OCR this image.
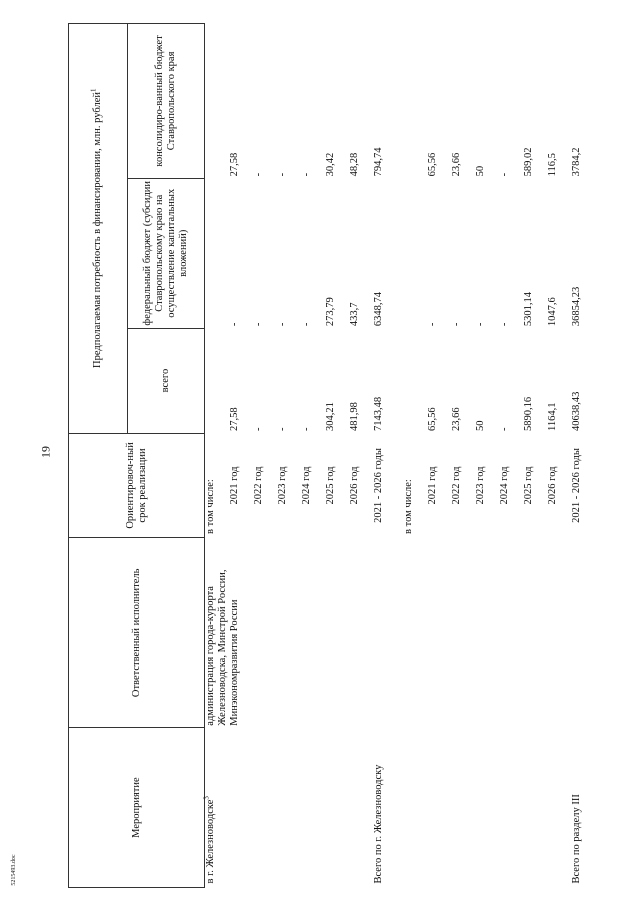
19
Мероприятие	Ответственный исполнитель	Ориентировоч-ный срок реализации	Предполагаемая потребность в финансировании, млн. рублей$^1$
			всего	федеральный бюджет (субсидии Ставропольскому краю на осуществление капитальных вложений)	консолидиро-ванный бюджет Ставропольского края

в г. Железноводске$^3$	администрация города-курорта Железноводска, Минстрой России, Минэкономразвития России	в том числе:			
		2021 год	27,58	-	27,58
		2022 год	-	-	-
		2023 год	-	-	-
		2024 год	-	-	-
		2025 год	304,21	273,79	30,42
		2026 год	481,98	433,7	48,28
Всего по г. Железноводску		2021 - 2026 годы	7143,48	6348,74	794,74
		в том числе:			
		2021 год	65,56	-	65,56
		2022 год	23,66	-	23,66
		2023 год	50	-	50
		2024 год	-	-	-
		2025 год	5890,16	5301,14	589,02
		2026 год	1164,1	1047,6	116,5
Всего по разделу III		2021 - 2026 годы	40638,43	36854,23	3784,2
5215493.doc
